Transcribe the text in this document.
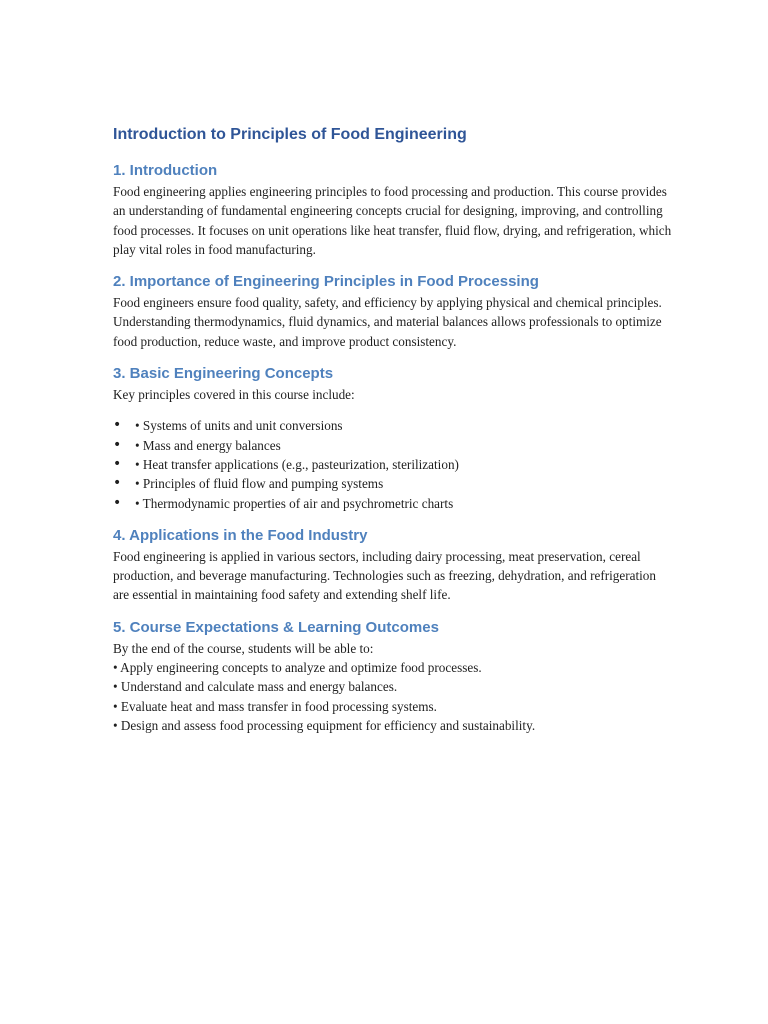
Introduction to Principles of Food Engineering
1. Introduction

Food engineering applies engineering principles to food processing and production. This course provides an understanding of fundamental engineering concepts crucial for designing, improving, and controlling food processes. It focuses on unit operations like heat transfer, fluid flow, drying, and refrigeration, which play vital roles in food manufacturing.

2. Importance of Engineering Principles in Food Processing

Food engineers ensure food quality, safety, and efficiency by applying physical and chemical principles. Understanding thermodynamics, fluid dynamics, and material balances allows professionals to optimize food production, reduce waste, and improve product consistency.

3. Basic Engineering Concepts

Key principles covered in this course include:

• • Systems of units and unit conversions
• • Mass and energy balances
• • Heat transfer applications (e.g., pasteurization, sterilization)
• • Principles of fluid flow and pumping systems
• • Thermodynamic properties of air and psychrometric charts
4. Applications in the Food Industry

Food engineering is applied in various sectors, including dairy processing, meat preservation, cereal production, and beverage manufacturing. Technologies such as freezing, dehydration, and refrigeration are essential in maintaining food safety and extending shelf life.

5. Course Expectations & Learning Outcomes

By the end of the course, students will be able to:

• Apply engineering concepts to analyze and optimize food processes.

• Understand and calculate mass and energy balances.

• Evaluate heat and mass transfer in food processing systems.

• Design and assess food processing equipment for efficiency and sustainability.
